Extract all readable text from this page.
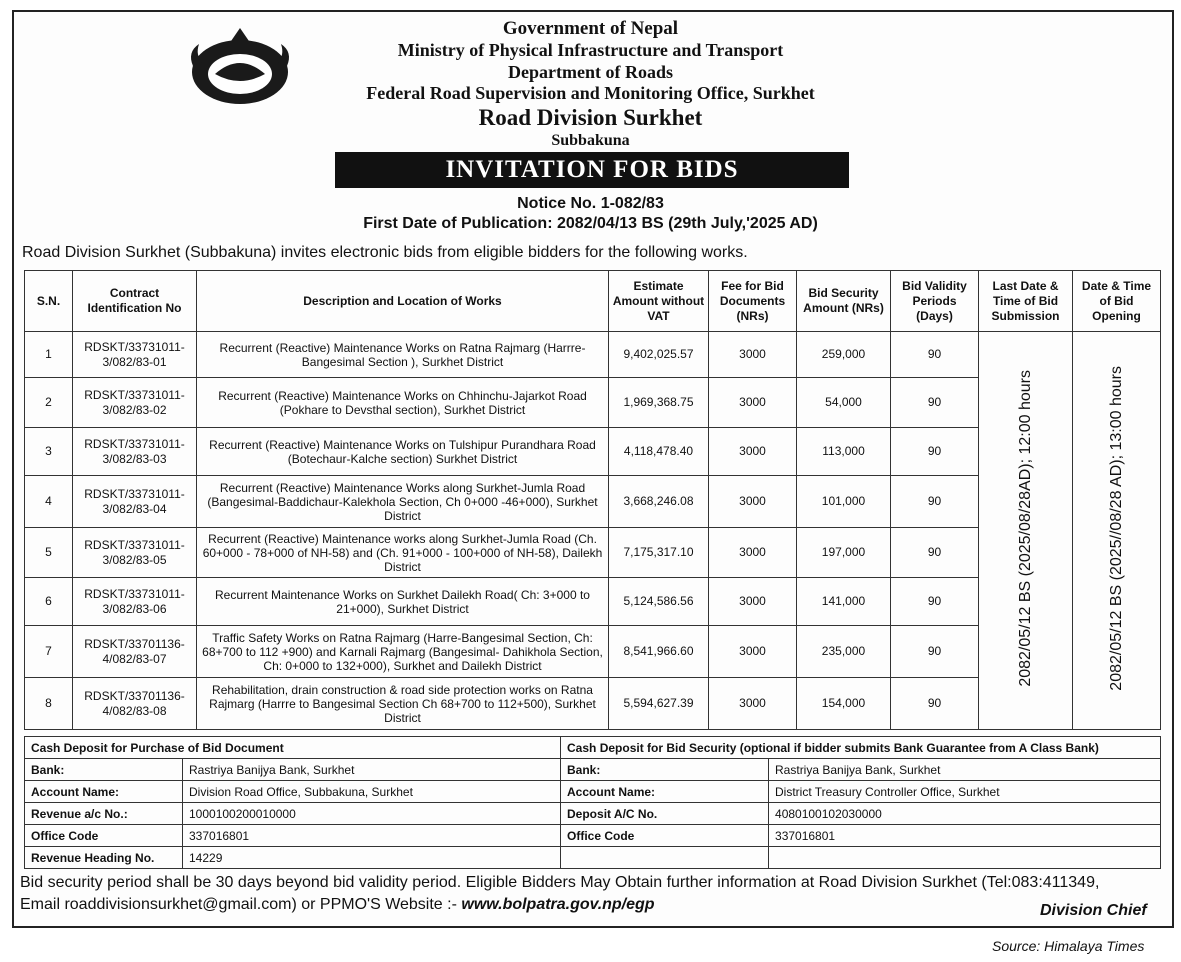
Government of Nepal
Ministry of Physical Infrastructure and Transport
Department of Roads
Federal Road Supervision and Monitoring Office, Surkhet
Road Division Surkhet
Subbakuna
INVITATION FOR BIDS
Notice No. 1-082/83
First Date of Publication: 2082/04/13 BS (29th July,'2025 AD)
Road Division Surkhet (Subbakuna) invites electronic bids from eligible bidders for the following works.
S.N.	Contract Identification No	Description and Location of Works	Estimate Amount without VAT	Fee for Bid Documents (NRs)	Bid Security Amount (NRs)	Bid Validity Periods (Days)	Last Date & Time of Bid Submission	Date & Time of Bid Opening
1	RDSKT/33731011-3/082/83-01	Recurrent (Reactive) Maintenance Works on Ratna Rajmarg (Harrre-Bangesimal Section ), Surkhet District	9,402,025.57	3000	259,000	90	2082/05/12 BS (2025/08/28AD); 12:00 hours	2082/05/12 BS (2025//08/28 AD); 13:00 hours
2	RDSKT/33731011-3/082/83-02	Recurrent (Reactive) Maintenance Works on Chhinchu-Jajarkot Road (Pokhare to Devsthal section), Surkhet District	1,969,368.75	3000	54,000	90		
3	RDSKT/33731011-3/082/83-03	Recurrent (Reactive) Maintenance Works on Tulshipur Purandhara Road (Botechaur-Kalche section) Surkhet District	4,118,478.40	3000	113,000	90		
4	RDSKT/33731011-3/082/83-04	Recurrent (Reactive) Maintenance Works along Surkhet-Jumla Road (Bangesimal-Baddichaur-Kalekhola Section, Ch 0+000 -46+000), Surkhet District	3,668,246.08	3000	101,000	90		
5	RDSKT/33731011-3/082/83-05	Recurrent (Reactive) Maintenance works along Surkhet-Jumla Road (Ch. 60+000 - 78+000 of NH-58) and (Ch. 91+000 - 100+000 of NH-58), Dailekh District	7,175,317.10	3000	197,000	90		
6	RDSKT/33731011-3/082/83-06	Recurrent Maintenance Works on Surkhet Dailekh Road( Ch: 3+000 to 21+000), Surkhet District	5,124,586.56	3000	141,000	90		
7	RDSKT/33701136-4/082/83-07	Traffic Safety Works on Ratna Rajmarg (Harre-Bangesimal Section, Ch: 68+700 to 112 +900) and Karnali Rajmarg (Bangesimal- Dahikhola Section, Ch: 0+000 to 132+000), Surkhet and Dailekh District	8,541,966.60	3000	235,000	90		
8	RDSKT/33701136-4/082/83-08	Rehabilitation, drain construction & road side protection works on Ratna Rajmarg (Harrre to Bangesimal Section Ch 68+700 to 112+500), Surkhet District	5,594,627.39	3000	154,000	90		
Cash Deposit for Purchase of Bid Document		Cash Deposit for Bid Security (optional if bidder submits Bank Guarantee from A Class Bank)	
Bank:	Rastriya Banijya Bank, Surkhet	Bank:	Rastriya Banijya Bank, Surkhet
Account Name:	Division Road Office, Subbakuna, Surkhet	Account Name:	District Treasury Controller Office, Surkhet
Revenue a/c No.:	1000100200010000	Deposit A/C No.	4080100102030000
Office Code	337016801	Office Code	337016801
Revenue Heading No.	14229		
Bid security period shall be 30 days beyond bid validity period. Eligible Bidders May Obtain further information at Road Division Surkhet (Tel:083:411349,
Email roaddivisionsurkhet@gmail.com) or PPMO'S Website :- www.bolpatra.gov.np/egp	Division Chief
Source: Himalaya Times
